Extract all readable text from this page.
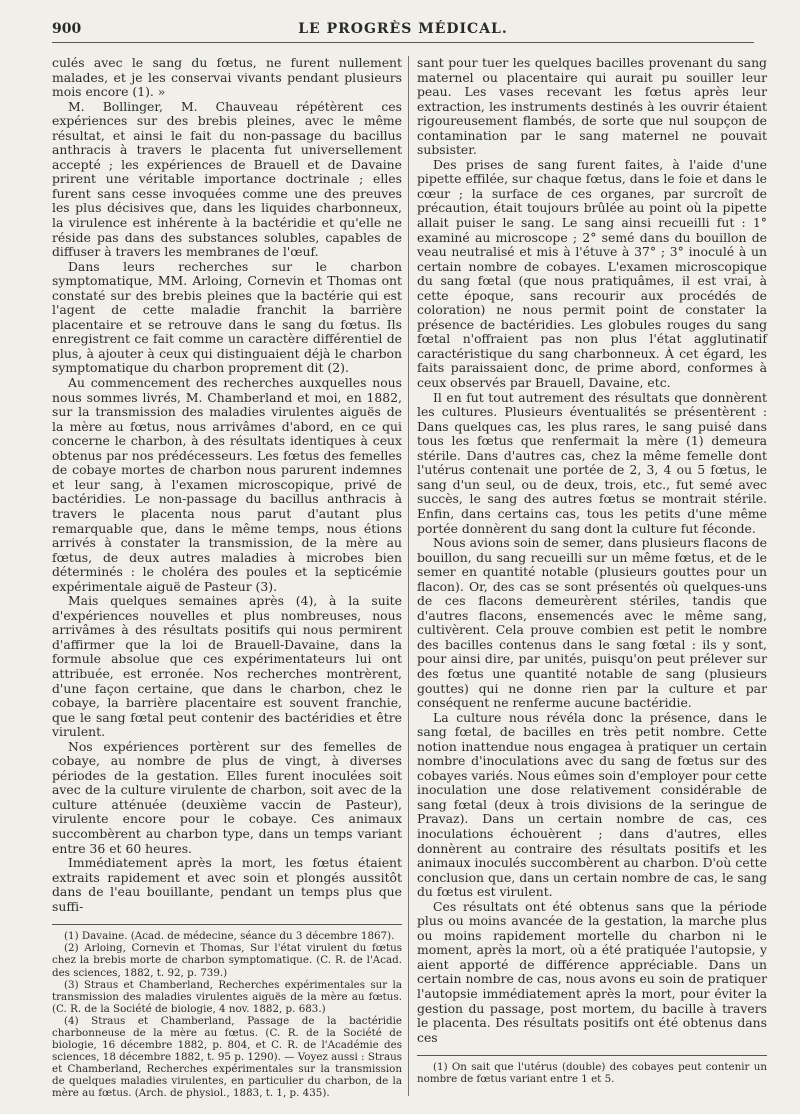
900	LE PROGRÈS MÉDICAL.

culés avec le sang du fœtus, ne furent nullement malades, et je les conservai vivants pendant plusieurs mois encore (1). »

M. Bollinger, M. Chauveau répétèrent ces expériences sur des brebis pleines, avec le même résultat, et ainsi le fait du non-passage du bacillus anthracis à travers le placenta fut universellement accepté ; les expériences de Brauell et de Davaine prirent une véritable importance doctrinale ; elles furent sans cesse invoquées comme une des preuves les plus décisives que, dans les liquides charbonneux, la virulence est inhérente à la bactéridie et qu'elle ne réside pas dans des substances solubles, capables de diffuser à travers les membranes de l'œuf.

Dans leurs recherches sur le charbon symptomatique, MM. Arloing, Cornevin et Thomas ont constaté sur des brebis pleines que la bactérie qui est l'agent de cette maladie franchit la barrière placentaire et se retrouve dans le sang du fœtus. Ils enregistrent ce fait comme un caractère différentiel de plus, à ajouter à ceux qui distinguaient déjà le charbon symptomatique du charbon proprement dit (2).

Au commencement des recherches auxquelles nous nous sommes livrés, M. Chamberland et moi, en 1882, sur la transmission des maladies virulentes aiguës de la mère au fœtus, nous arrivâmes d'abord, en ce qui concerne le charbon, à des résultats identiques à ceux obtenus par nos prédécesseurs. Les fœtus des femelles de cobaye mortes de charbon nous parurent indemnes et leur sang, à l'examen microscopique, privé de bactéridies. Le non-passage du bacillus anthracis à travers le placenta nous parut d'autant plus remarquable que, dans le même temps, nous étions arrivés à constater la transmission, de la mère au fœtus, de deux autres maladies à microbes bien déterminés : le choléra des poules et la septicémie expérimentale aiguë de Pasteur (3).

Mais quelques semaines après (4), à la suite d'expériences nouvelles et plus nombreuses, nous arrivâmes à des résultats positifs qui nous permirent d'affirmer que la loi de Brauell-Davaine, dans la formule absolue que ces expérimentateurs lui ont attribuée, est erronée. Nos recherches montrèrent, d'une façon certaine, que dans le charbon, chez le cobaye, la barrière placentaire est souvent franchie, que le sang fœtal peut contenir des bactéridies et être virulent.

Nos expériences portèrent sur des femelles de cobaye, au nombre de plus de vingt, à diverses périodes de la gestation. Elles furent inoculées soit avec de la culture virulente de charbon, soit avec de la culture atténuée (deuxième vaccin de Pasteur), virulente encore pour le cobaye. Ces animaux succombèrent au charbon type, dans un temps variant entre 36 et 60 heures.

Immédiatement après la mort, les fœtus étaient extraits rapidement et avec soin et plongés aussitôt dans de l'eau bouillante, pendant un temps plus que suffi-

(1) Davaine. (Acad. de médecine, séance du 3 décembre 1867).

(2) Arloing, Cornevin et Thomas, Sur l'état virulent du fœtus chez la brebis morte de charbon symptomatique. (C. R. de l'Acad. des sciences, 1882, t. 92, p. 739.)

(3) Straus et Chamberland, Recherches expérimentales sur la transmission des maladies virulentes aiguës de la mère au fœtus. (C. R. de la Société de biologie, 4 nov. 1882, p. 683.)

(4) Straus et Chamberland, Passage de la bactéridie charbonneuse de la mère au fœtus. (C. R. de la Société de biologie, 16 décembre 1882, p. 804, et C. R. de l'Académie des sciences, 18 décembre 1882, t. 95 p. 1290). — Voyez aussi : Straus et Chamberland, Recherches expérimentales sur la transmission de quelques maladies virulentes, en particulier du charbon, de la mère au fœtus. (Arch. de physiol., 1883, t. 1, p. 435).

sant pour tuer les quelques bacilles provenant du sang maternel ou placentaire qui aurait pu souiller leur peau. Les vases recevant les fœtus après leur extraction, les instruments destinés à les ouvrir étaient rigoureusement flambés, de sorte que nul soupçon de contamination par le sang maternel ne pouvait subsister.

Des prises de sang furent faites, à l'aide d'une pipette effilée, sur chaque fœtus, dans le foie et dans le cœur ; la surface de ces organes, par surcroît de précaution, était toujours brûlée au point où la pipette allait puiser le sang. Le sang ainsi recueilli fut : 1° examiné au microscope ; 2° semé dans du bouillon de veau neutralisé et mis à l'étuve à 37° ; 3° inoculé à un certain nombre de cobayes. L'examen microscopique du sang fœtal (que nous pratiquâmes, il est vrai, à cette époque, sans recourir aux procédés de coloration) ne nous permit point de constater la présence de bactéridies. Les globules rouges du sang fœtal n'offraient pas non plus l'état agglutinatif caractéristique du sang charbonneux. À cet égard, les faits paraissaient donc, de prime abord, conformes à ceux observés par Brauell, Davaine, etc.

Il en fut tout autrement des résultats que donnèrent les cultures. Plusieurs éventualités se présentèrent : Dans quelques cas, les plus rares, le sang puisé dans tous les fœtus que renfermait la mère (1) demeura stérile. Dans d'autres cas, chez la même femelle dont l'utérus contenait une portée de 2, 3, 4 ou 5 fœtus, le sang d'un seul, ou de deux, trois, etc., fut semé avec succès, le sang des autres fœtus se montrait stérile. Enfin, dans certains cas, tous les petits d'une même portée donnèrent du sang dont la culture fut féconde.

Nous avions soin de semer, dans plusieurs flacons de bouillon, du sang recueilli sur un même fœtus, et de le semer en quantité notable (plusieurs gouttes pour un flacon). Or, des cas se sont présentés où quelques-uns de ces flacons demeurèrent stériles, tandis que d'autres flacons, ensemencés avec le même sang, cultivèrent. Cela prouve combien est petit le nombre des bacilles contenus dans le sang fœtal : ils y sont, pour ainsi dire, par unités, puisqu'on peut prélever sur des fœtus une quantité notable de sang (plusieurs gouttes) qui ne donne rien par la culture et par conséquent ne renferme aucune bactéridie.

La culture nous révéla donc la présence, dans le sang fœtal, de bacilles en très petit nombre. Cette notion inattendue nous engagea à pratiquer un certain nombre d'inoculations avec du sang de fœtus sur des cobayes variés. Nous eûmes soin d'employer pour cette inoculation une dose relativement considérable de sang fœtal (deux à trois divisions de la seringue de Pravaz). Dans un certain nombre de cas, ces inoculations échouèrent ; dans d'autres, elles donnèrent au contraire des résultats positifs et les animaux inoculés succombèrent au charbon. D'où cette conclusion que, dans un certain nombre de cas, le sang du fœtus est virulent.

Ces résultats ont été obtenus sans que la période plus ou moins avancée de la gestation, la marche plus ou moins rapidement mortelle du charbon ni le moment, après la mort, où a été pratiquée l'autopsie, y aient apporté de différence appréciable. Dans un certain nombre de cas, nous avons eu soin de pratiquer l'autopsie immédiatement après la mort, pour éviter la gestion du passage, post mortem, du bacille à travers le placenta. Des résultats positifs ont été obtenus dans ces

(1) On sait que l'utérus (double) des cobayes peut contenir un nombre de fœtus variant entre 1 et 5.
